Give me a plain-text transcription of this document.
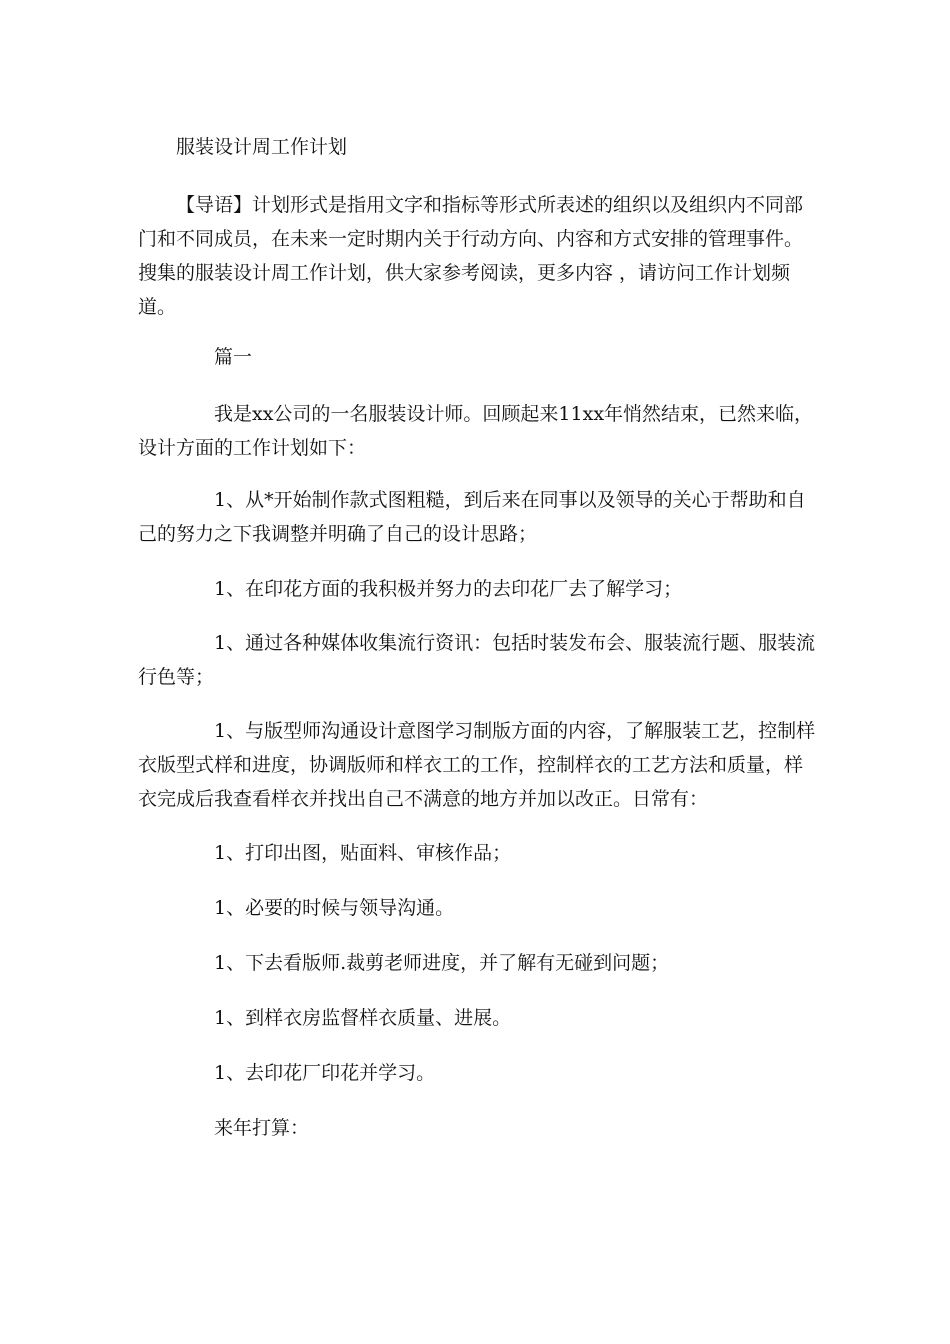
服装设计周工作计划

【导语】计划形式是指用文字和指标等形式所表述的组织以及组织内不同部门和不同成员，在未来一定时期内关于行动方向、内容和方式安排的管理事件。搜集的服装设计周工作计划，供大家参考阅读，更多内容 ，请访问工作计划频道。

篇一

我是xx公司的一名服装设计师。回顾起来11xx年悄然结束，已然来临，设计方面的工作计划如下：

1、从*开始制作款式图粗糙，到后来在同事以及领导的关心于帮助和自己的努力之下我调整并明确了自己的设计思路；

1、在印花方面的我积极并努力的去印花厂去了解学习；

1、通过各种媒体收集流行资讯：包括时装发布会、服装流行题、服装流行色等；

1、与版型师沟通设计意图学习制版方面的内容，了解服装工艺，控制样衣版型式样和进度，协调版师和样衣工的工作，控制样衣的工艺方法和质量，样衣完成后我查看样衣并找出自己不满意的地方并加以改正。日常有：

1、打印出图，贴面料、审核作品；

1、必要的时候与领导沟通。

1、下去看版师.裁剪老师进度，并了解有无碰到问题；

1、到样衣房监督样衣质量、进展。

1、去印花厂印花并学习。

来年打算：
